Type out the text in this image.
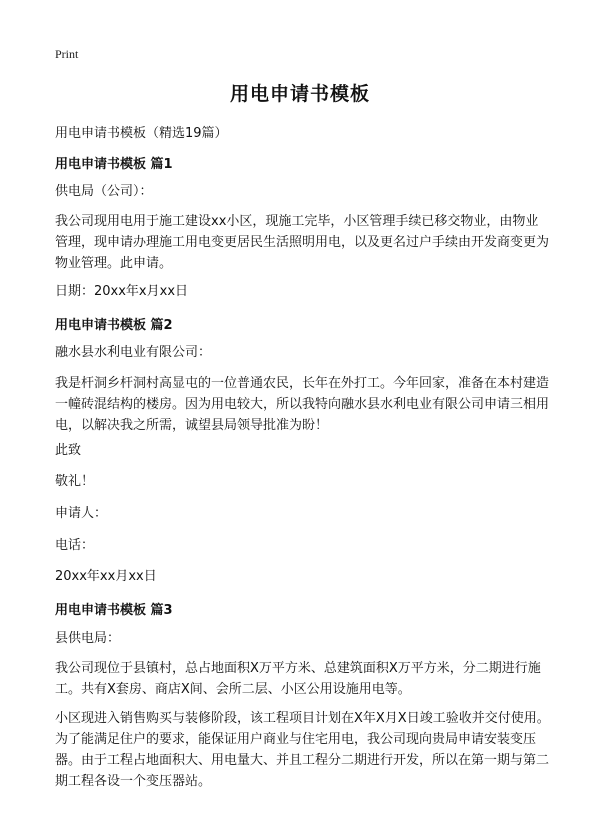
Print
用电申请书模板
用电申请书模板（精选19篇）
用电申请书模板 篇1

供电局（公司）：

我公司现用电用于施工建设xx小区，现施工完毕，小区管理手续已移交物业，由物业管理，现申请办理施工用电变更居民生活照明用电，以及更名过户手续由开发商变更为物业管理。此申请。

日期：20xx年x月xx日

用电申请书模板 篇2

融水县水利电业有限公司：

我是杆洞乡杆洞村高显屯的一位普通农民，长年在外打工。今年回家，准备在本村建造一幢砖混结构的楼房。因为用电较大，所以我特向融水县水利电业有限公司申请三相用电，以解决我之所需，诚望县局领导批准为盼！

此致

敬礼！

申请人：

电话：

20xx年xx月xx日

用电申请书模板 篇3

县供电局：

我公司现位于县镇村，总占地面积X万平方米、总建筑面积X万平方米，分二期进行施工。共有X套房、商店X间、会所二层、小区公用设施用电等。

小区现进入销售购买与装修阶段，该工程项目计划在X年X月X日竣工验收并交付使用。为了能满足住户的要求，能保证用户商业与住宅用电，我公司现向贵局申请安装变压器。由于工程占地面积大、用电量大、并且工程分二期进行开发，所以在第一期与第二期工程各设一个变压器站。
